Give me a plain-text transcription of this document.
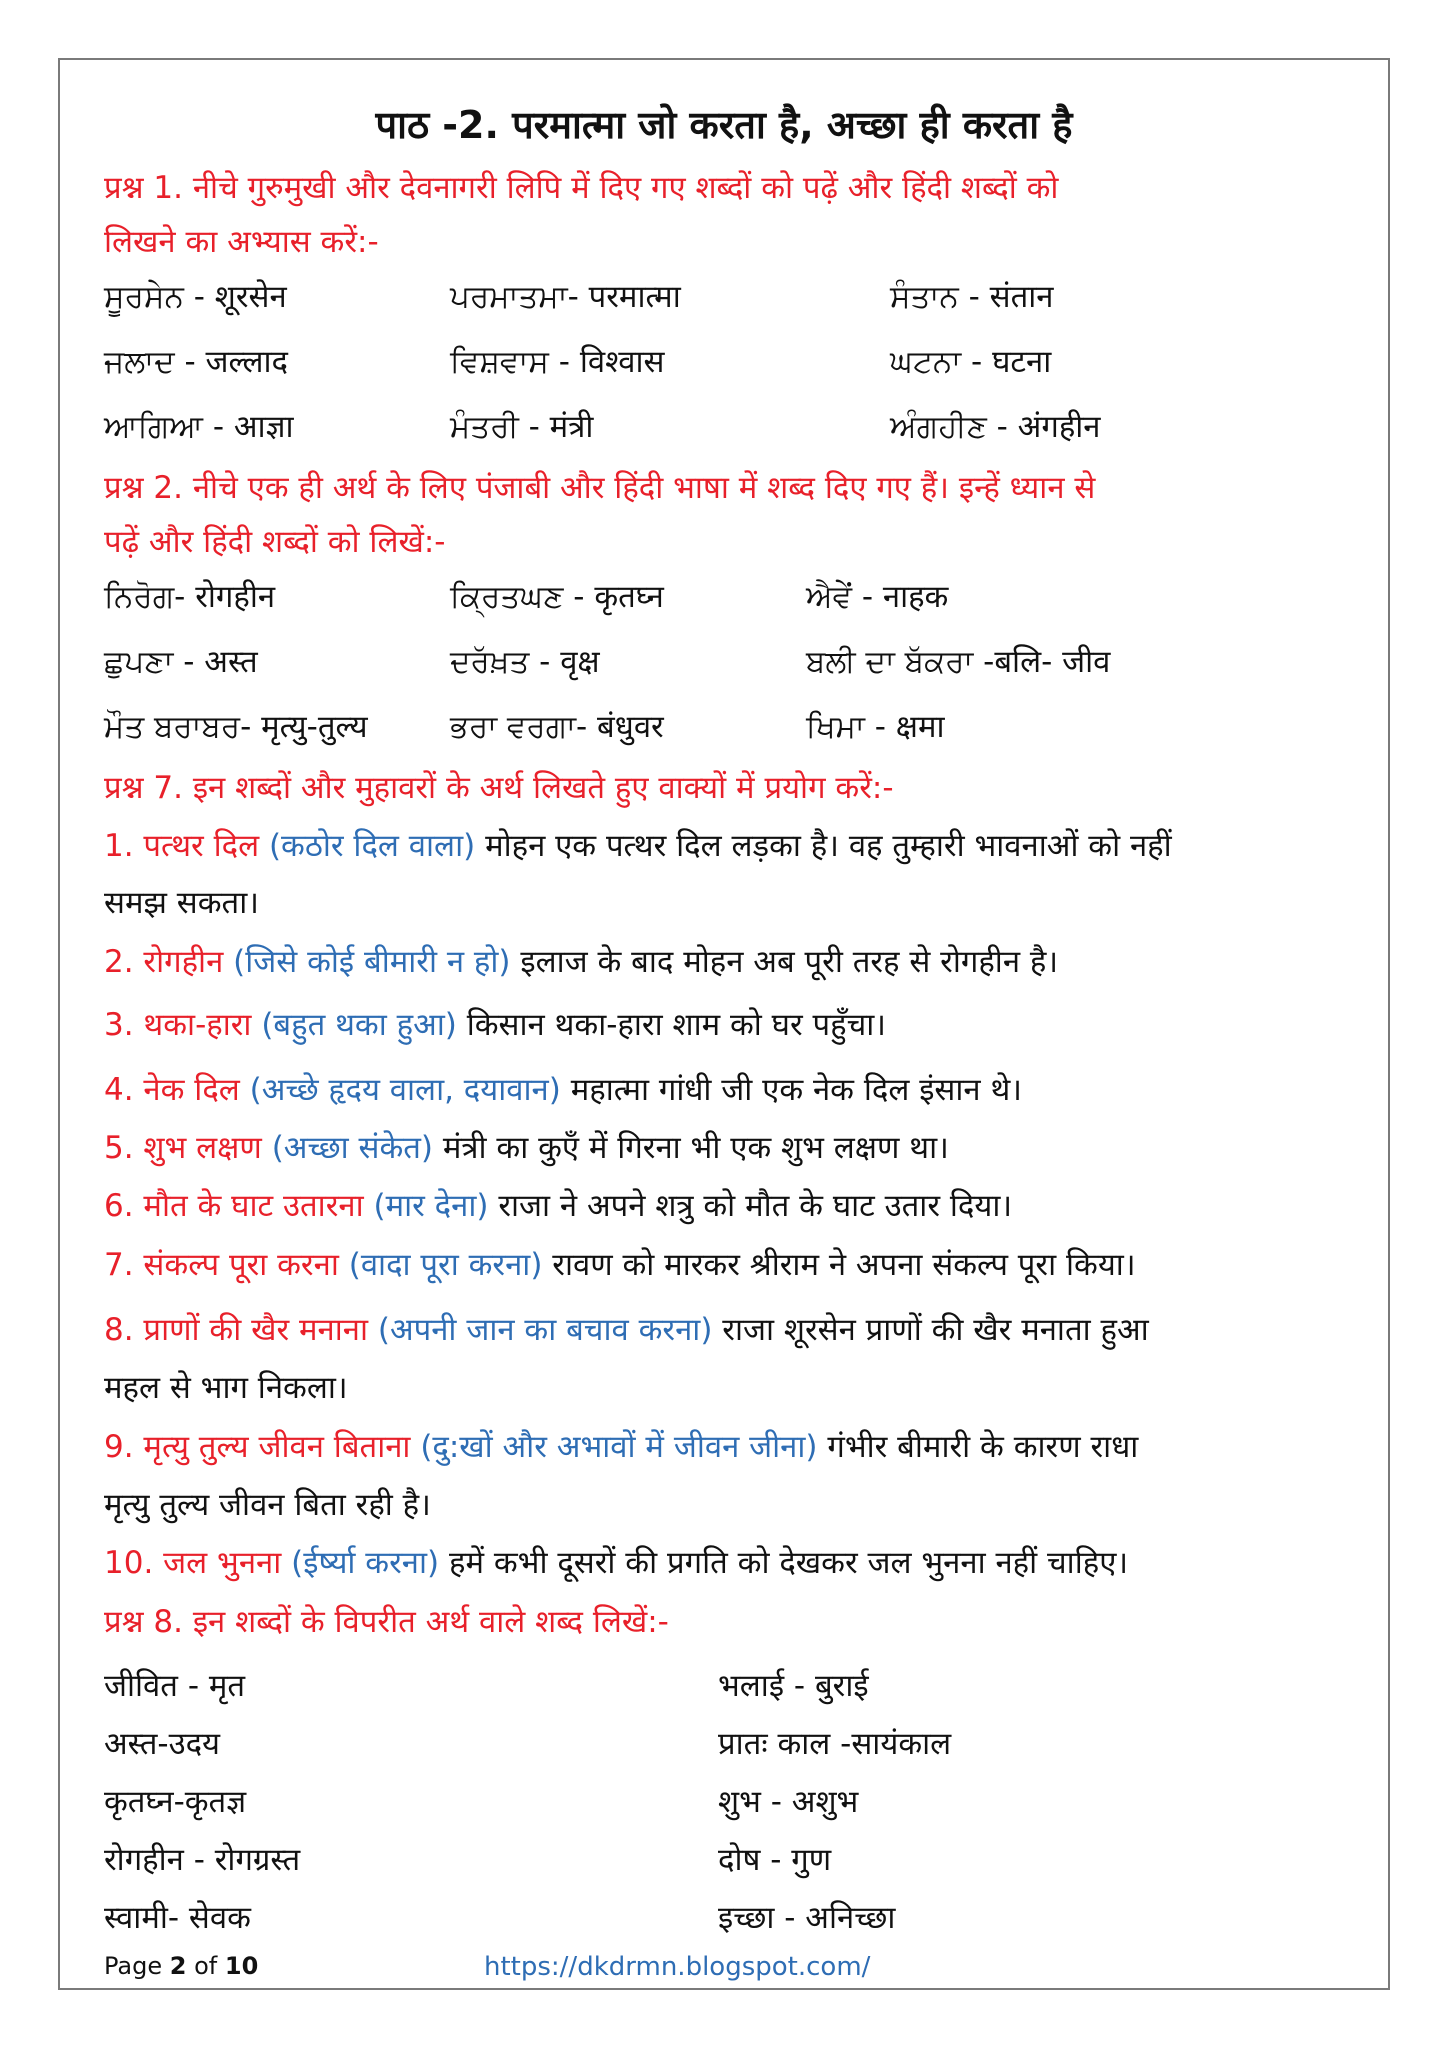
पाठ -2. परमात्मा जो करता है, अच्छा ही करता है
प्रश्न 1. नीचे गुरुमुखी और देवनागरी लिपि में दिए गए शब्दों को पढ़ें और हिंदी शब्दों को
लिखने का अभ्यास करें:-
ਸੂਰਸੇਨ - शूरसेन	ਪਰਮਾਤਮਾ- परमात्मा	ਸੰਤਾਨ - संतान
ਜਲਾਦ - जल्लाद	ਵਿਸ਼ਵਾਸ - विश्वास	ਘਟਨਾ - घटना
ਆਗਿਆ - आज्ञा	ਮੰਤਰੀ - मंत्री	ਅੰਗਹੀਣ - अंगहीन
प्रश्न 2. नीचे एक ही अर्थ के लिए पंजाबी और हिंदी भाषा में शब्द दिए गए हैं। इन्हें ध्यान से
पढ़ें और हिंदी शब्दों को लिखें:-
ਨਿਰੋਗ- रोगहीन	ਕ੍ਰਿਤਘਣ - कृतघ्न	ਐਵੇਂ - नाहक
ਛੁਪਣਾ - अस्त	ਦਰੱਖ਼ਤ - वृक्ष	ਬਲੀ ਦਾ ਬੱਕਰਾ -बलि- जीव
ਮੌਤ ਬਰਾਬਰ- मृत्यु-तुल्य	ਭਰਾ ਵਰਗਾ- बंधुवर	ਖਿਮਾ - क्षमा
प्रश्न 7. इन शब्दों और मुहावरों के अर्थ लिखते हुए वाक्यों में प्रयोग करें:-
1. पत्थर दिल (कठोर दिल वाला) मोहन एक पत्थर दिल लड़का है। वह तुम्हारी भावनाओं को नहीं
समझ सकता।
2. रोगहीन (जिसे कोई बीमारी न हो) इलाज के बाद मोहन अब पूरी तरह से रोगहीन है।
3. थका-हारा (बहुत थका हुआ) किसान थका-हारा शाम को घर पहुँचा।
4. नेक दिल (अच्छे हृदय वाला, दयावान) महात्मा गांधी जी एक नेक दिल इंसान थे।
5. शुभ लक्षण (अच्छा संकेत) मंत्री का कुएँ में गिरना भी एक शुभ लक्षण था।
6. मौत के घाट उतारना (मार देना) राजा ने अपने शत्रु को मौत के घाट उतार दिया।
7. संकल्प पूरा करना (वादा पूरा करना) रावण को मारकर श्रीराम ने अपना संकल्प पूरा किया।
8. प्राणों की खैर मनाना (अपनी जान का बचाव करना) राजा शूरसेन प्राणों की खैर मनाता हुआ
महल से भाग निकला।
9. मृत्यु तुल्य जीवन बिताना (दु:खों और अभावों में जीवन जीना) गंभीर बीमारी के कारण राधा
मृत्यु तुल्य जीवन बिता रही है।
10. जल भुनना (ईर्ष्या करना) हमें कभी दूसरों की प्रगति को देखकर जल भुनना नहीं चाहिए।
प्रश्न 8. इन शब्दों के विपरीत अर्थ वाले शब्द लिखें:-
जीवित - मृत	भलाई - बुराई
अस्त-उदय	प्रातः काल -सायंकाल
कृतघ्न-कृतज्ञ	शुभ - अशुभ
रोगहीन - रोगग्रस्त	दोष - गुण
स्वामी- सेवक	इच्छा - अनिच्छा
Page 2 of 10	https://dkdrmn.blogspot.com/
